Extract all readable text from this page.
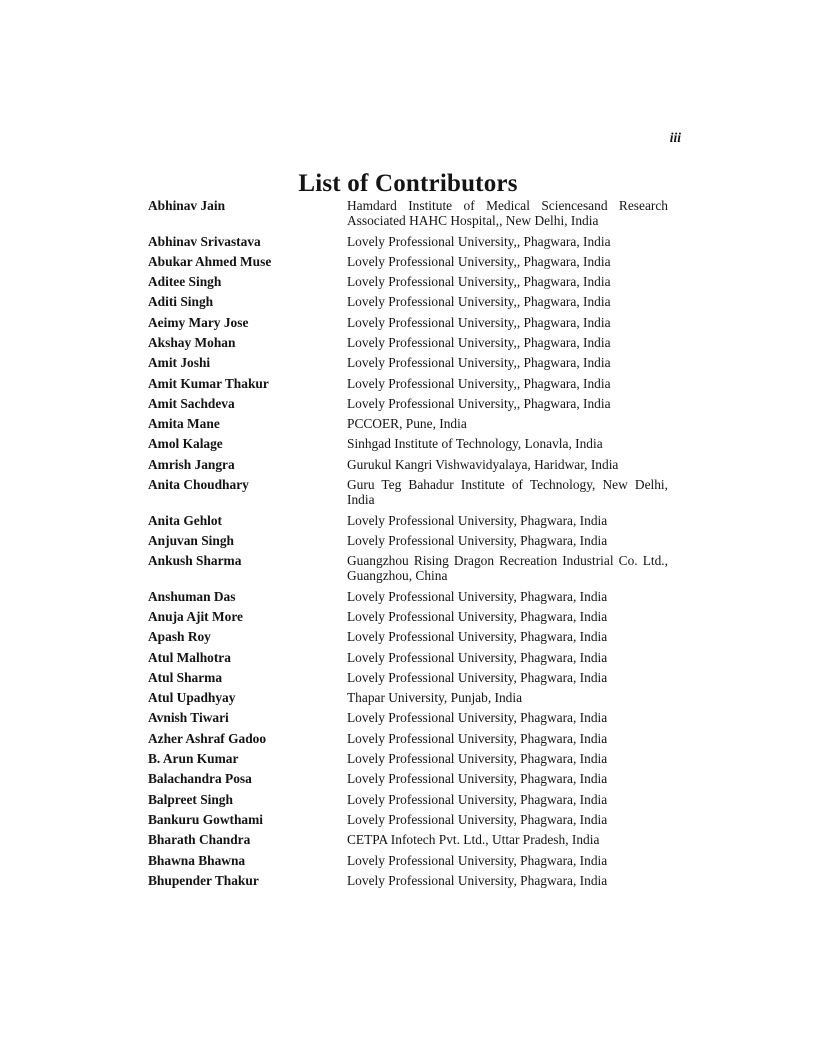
iii
List of Contributors
Abhinav Jain	Hamdard Institute of Medical Sciencesand Research Associated HAHC Hospital,, New Delhi, India
Abhinav Srivastava	Lovely Professional University,, Phagwara, India
Abukar Ahmed Muse	Lovely Professional University,, Phagwara, India
Aditee Singh	Lovely Professional University,, Phagwara, India
Aditi Singh	Lovely Professional University,, Phagwara, India
Aeimy Mary Jose	Lovely Professional University,, Phagwara, India
Akshay Mohan	Lovely Professional University,, Phagwara, India
Amit Joshi	Lovely Professional University,, Phagwara, India
Amit Kumar Thakur	Lovely Professional University,, Phagwara, India
Amit Sachdeva	Lovely Professional University,, Phagwara, India
Amita Mane	PCCOER, Pune, India
Amol Kalage	Sinhgad Institute of Technology, Lonavla, India
Amrish Jangra	Gurukul Kangri Vishwavidyalaya, Haridwar, India
Anita Choudhary	Guru Teg Bahadur Institute of Technology, New Delhi, India
Anita Gehlot	Lovely Professional University, Phagwara, India
Anjuvan Singh	Lovely Professional University, Phagwara, India
Ankush Sharma	Guangzhou Rising Dragon Recreation Industrial Co. Ltd., Guangzhou, China
Anshuman Das	Lovely Professional University, Phagwara, India
Anuja Ajit More	Lovely Professional University, Phagwara, India
Apash Roy	Lovely Professional University, Phagwara, India
Atul Malhotra	Lovely Professional University, Phagwara, India
Atul Sharma	Lovely Professional University, Phagwara, India
Atul Upadhyay	Thapar University, Punjab, India
Avnish Tiwari	Lovely Professional University, Phagwara, India
Azher Ashraf Gadoo	Lovely Professional University, Phagwara, India
B. Arun Kumar	Lovely Professional University, Phagwara, India
Balachandra Posa	Lovely Professional University, Phagwara, India
Balpreet Singh	Lovely Professional University, Phagwara, India
Bankuru Gowthami	Lovely Professional University, Phagwara, India
Bharath Chandra	CETPA Infotech Pvt. Ltd., Uttar Pradesh, India
Bhawna Bhawna	Lovely Professional University, Phagwara, India
Bhupender Thakur	Lovely Professional University, Phagwara, India
